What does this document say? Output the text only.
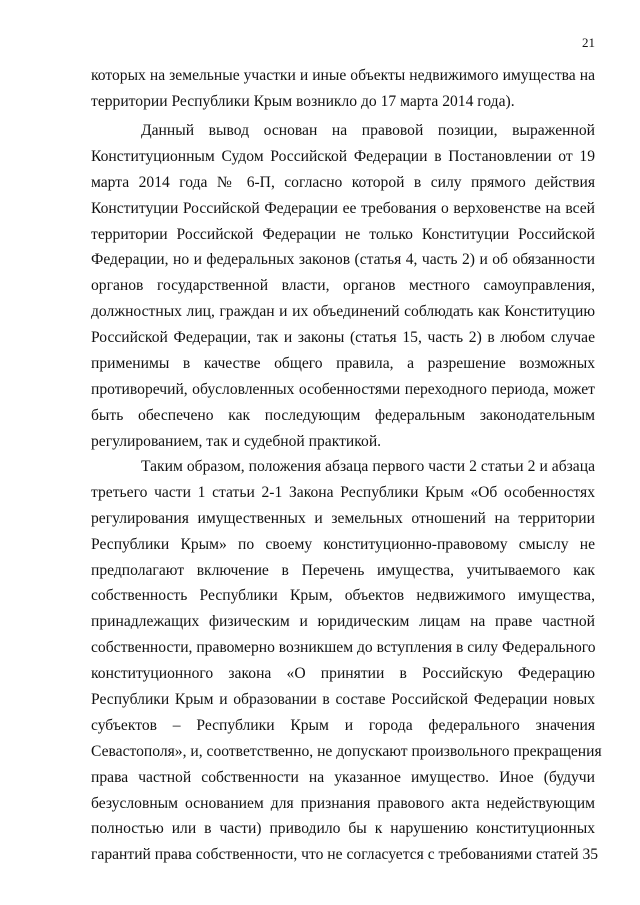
21
которых на земельные участки и иные объекты недвижимого имущества на
территории Республики Крым возникло до 17 марта 2014 года).
Данный вывод основан на правовой позиции, выраженной
Конституционным Судом Российской Федерации в Постановлении от 19
марта 2014 года № 6-П, согласно которой в силу прямого действия
Конституции Российской Федерации ее требования о верховенстве на всей
территории Российской Федерации не только Конституции Российской
Федерации, но и федеральных законов (статья 4, часть 2) и об обязанности
органов государственной власти, органов местного самоуправления,
должностных лиц, граждан и их объединений соблюдать как Конституцию
Российской Федерации, так и законы (статья 15, часть 2) в любом случае
применимы в качестве общего правила, а разрешение возможных
противоречий, обусловленных особенностями переходного периода, может
быть обеспечено как последующим федеральным законодательным
регулированием, так и судебной практикой.
Таким образом, положения абзаца первого части 2 статьи 2 и абзаца
третьего части 1 статьи 2-1 Закона Республики Крым «Об особенностях
регулирования имущественных и земельных отношений на территории
Республики Крым» по своему конституционно-правовому смыслу не
предполагают включение в Перечень имущества, учитываемого как
собственность Республики Крым, объектов недвижимого имущества,
принадлежащих физическим и юридическим лицам на праве частной
собственности, правомерно возникшем до вступления в силу Федерального
конституционного закона «О принятии в Российскую Федерацию
Республики Крым и образовании в составе Российской Федерации новых
субъектов – Республики Крым и города федерального значения
Севастополя», и, соответственно, не допускают произвольного прекращения
права частной собственности на указанное имущество. Иное (будучи
безусловным основанием для признания правового акта недействующим
полностью или в части) приводило бы к нарушению конституционных
гарантий права собственности, что не согласуется с требованиями статей 35
